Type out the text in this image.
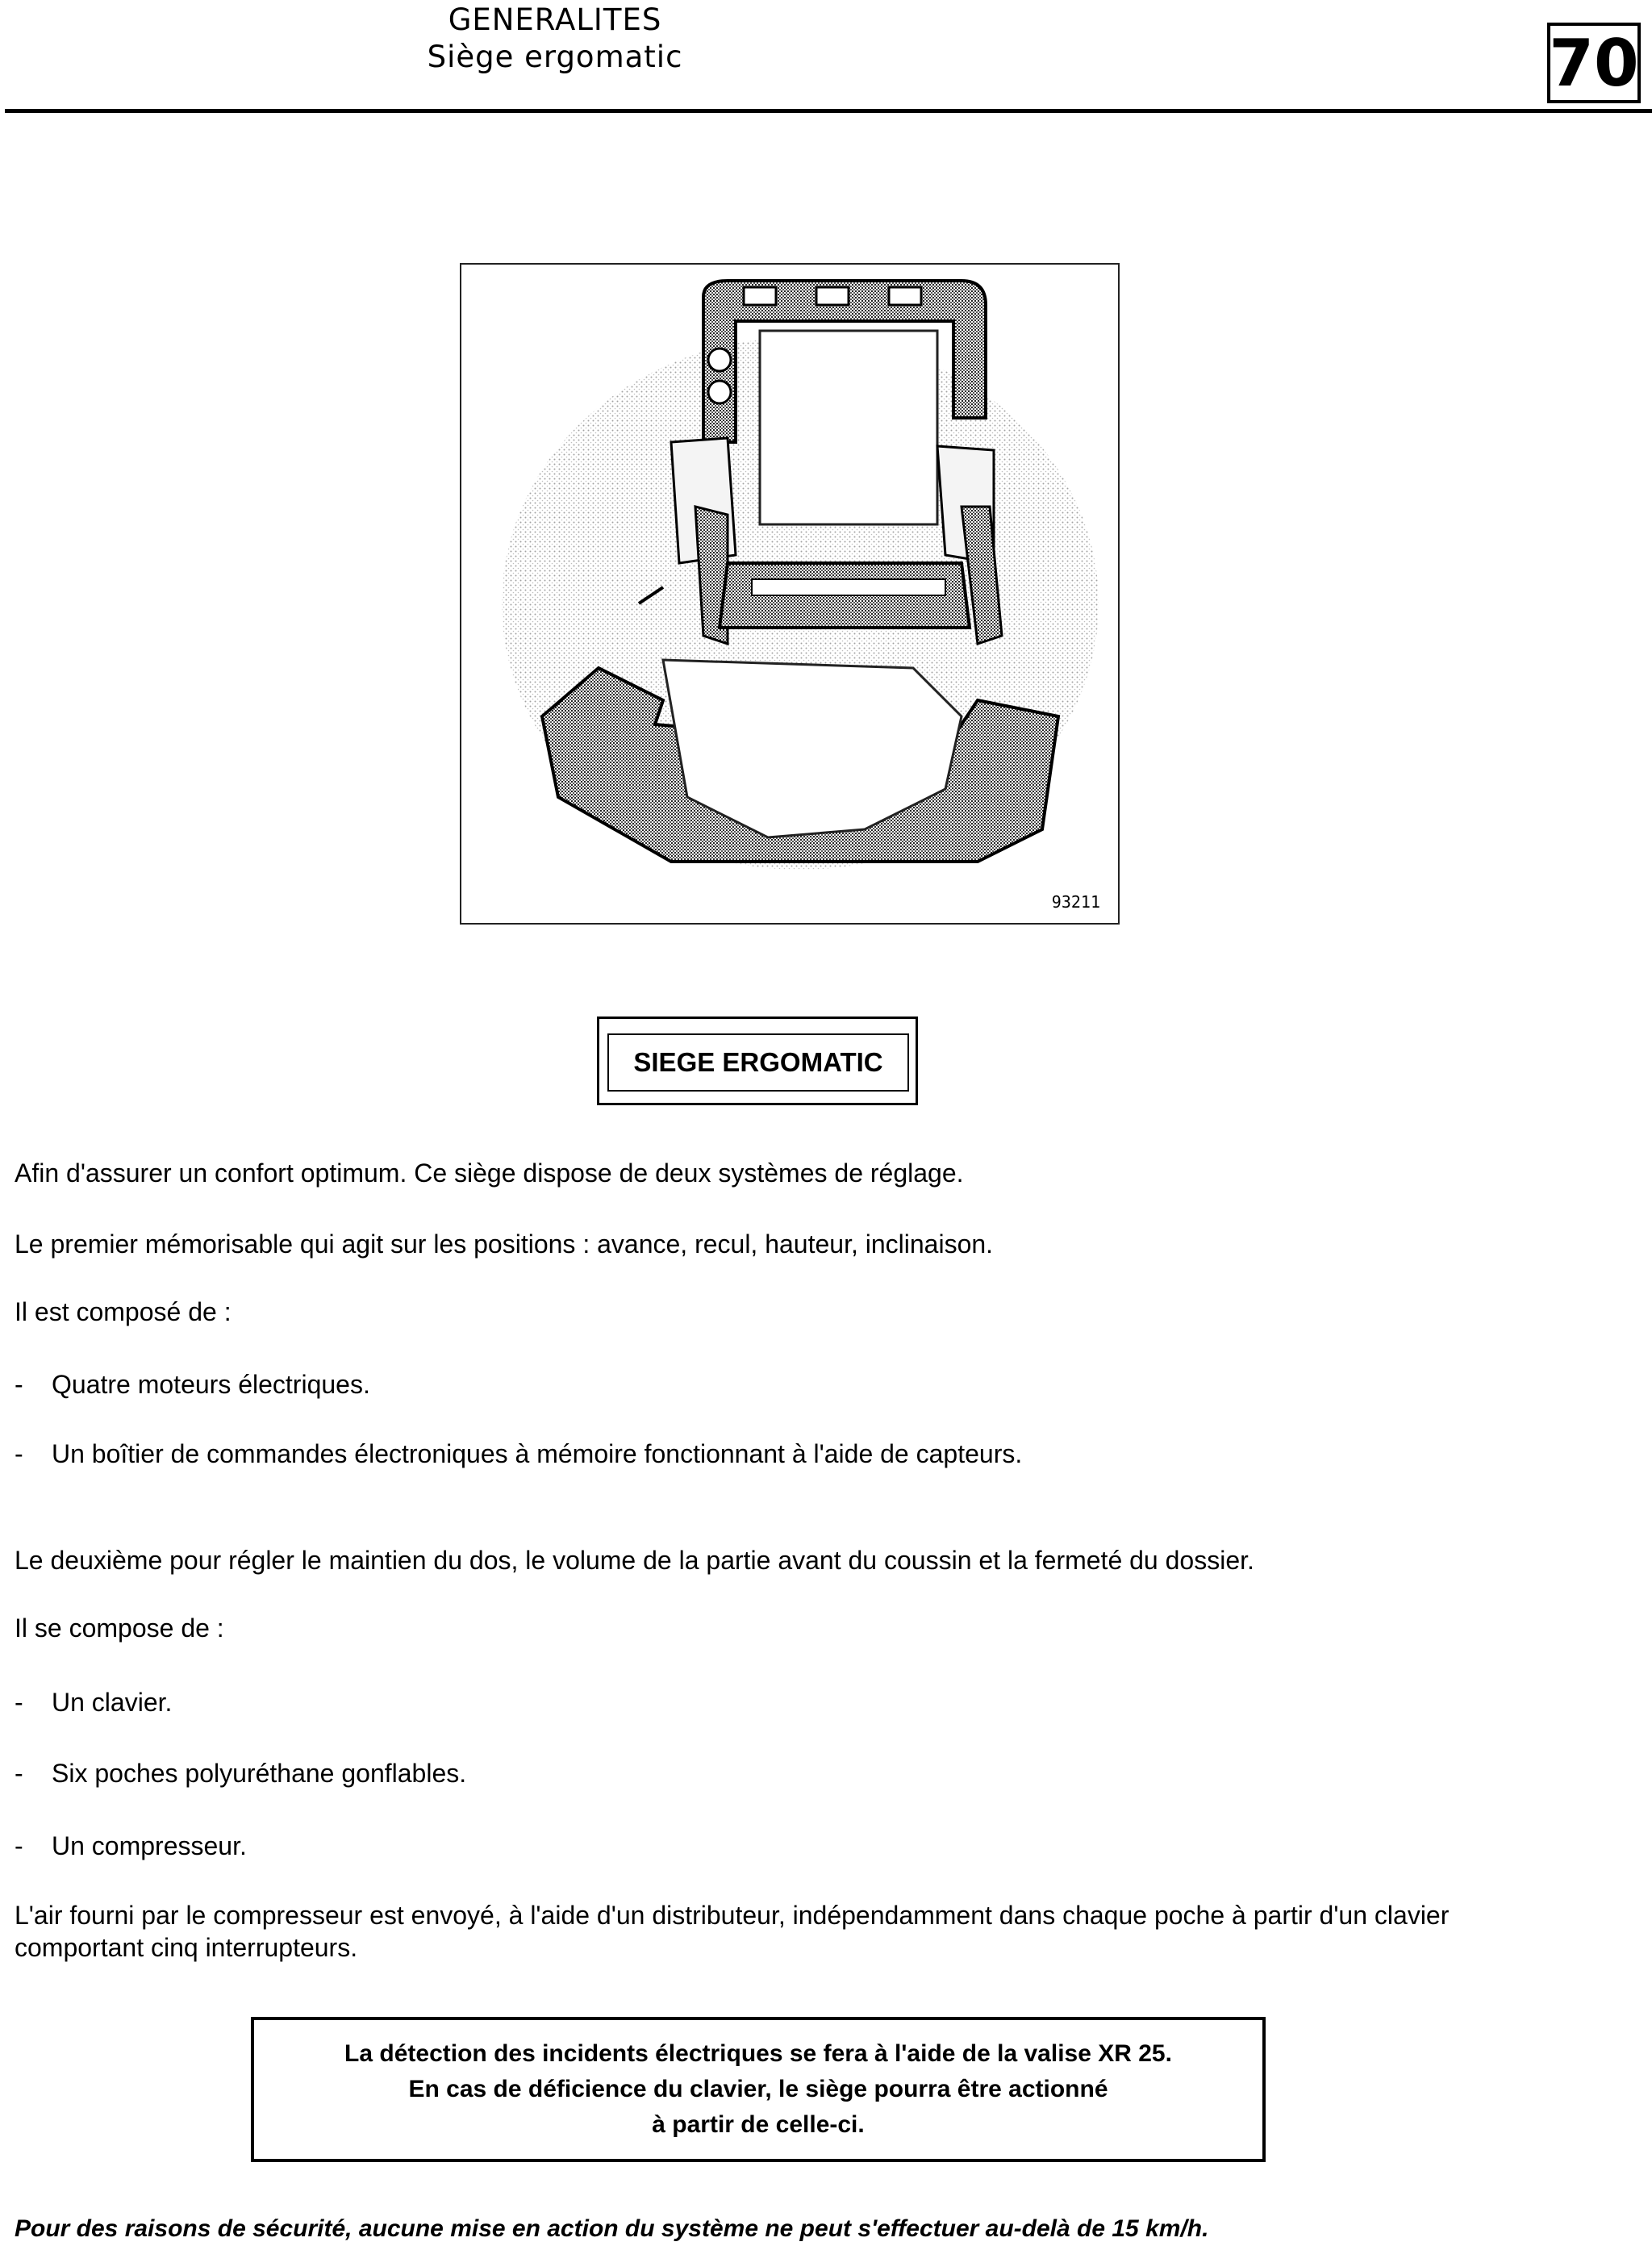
GENERALITES
Siège ergomatic	70
93211
SIEGE ERGOMATIC
Afin d'assurer un confort optimum. Ce siège dispose de deux systèmes de réglage.
Le premier mémorisable qui agit sur les positions : avance, recul, hauteur, inclinaison.
Il est composé de :
- Quatre moteurs électriques.
- Un boîtier de commandes électroniques à mémoire fonctionnant à l'aide de capteurs.
Le deuxième pour régler le maintien du dos, le volume de la partie avant du coussin et la fermeté du dossier.
Il se compose de :
- Un clavier.
- Six poches polyuréthane gonflables.
- Un compresseur.
L'air fourni par le compresseur est envoyé, à l'aide d'un distributeur, indépendamment dans chaque poche à partir d'un clavier comportant cinq interrupteurs.
La détection des incidents électriques se fera à l'aide de la valise XR 25.
En cas de déficience du clavier, le siège pourra être actionné
à partir de celle-ci.
Pour des raisons de sécurité, aucune mise en action du système ne peut s'effectuer au-delà de 15 km/h.
